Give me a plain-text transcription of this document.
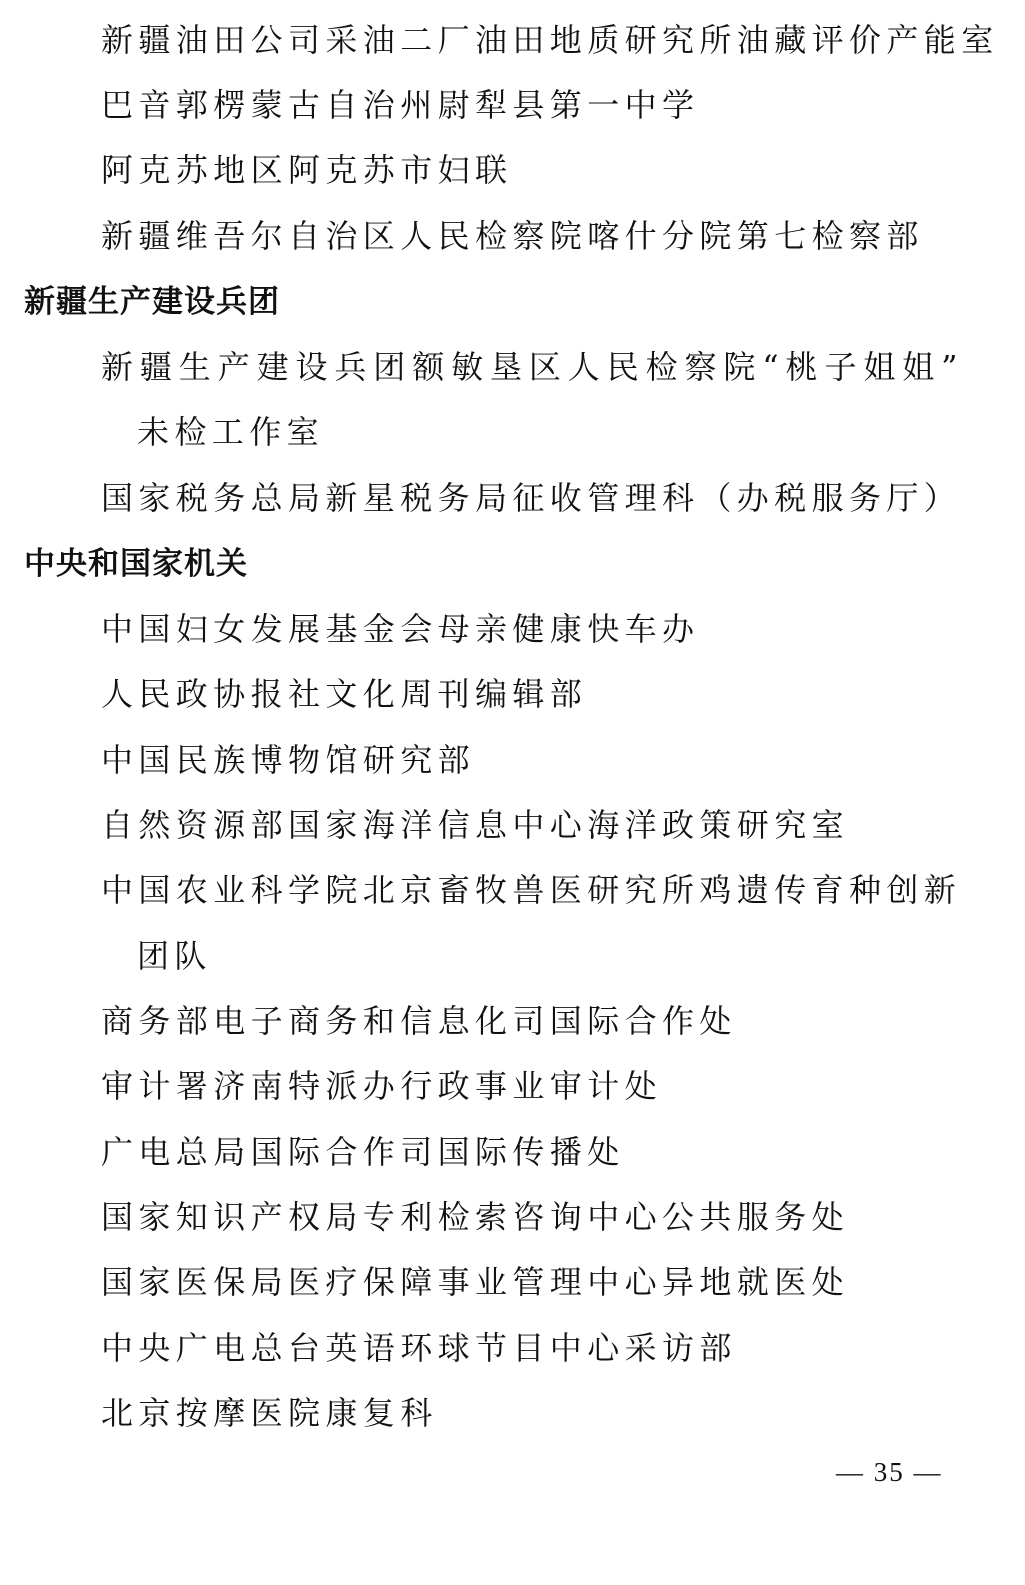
新疆油田公司采油二厂油田地质研究所油藏评价产能室
巴音郭楞蒙古自治州尉犁县第一中学
阿克苏地区阿克苏市妇联
新疆维吾尔自治区人民检察院喀什分院第七检察部
新疆生产建设兵团
新疆生产建设兵团额敏垦区人民检察院“桃子姐姐”
未检工作室
国家税务总局新星税务局征收管理科（办税服务厅）
中央和国家机关
中国妇女发展基金会母亲健康快车办
人民政协报社文化周刊编辑部
中国民族博物馆研究部
自然资源部国家海洋信息中心海洋政策研究室
中国农业科学院北京畜牧兽医研究所鸡遗传育种创新
团队
商务部电子商务和信息化司国际合作处
审计署济南特派办行政事业审计处
广电总局国际合作司国际传播处
国家知识产权局专利检索咨询中心公共服务处
国家医保局医疗保障事业管理中心异地就医处
中央广电总台英语环球节目中心采访部
北京按摩医院康复科
— 35 —
